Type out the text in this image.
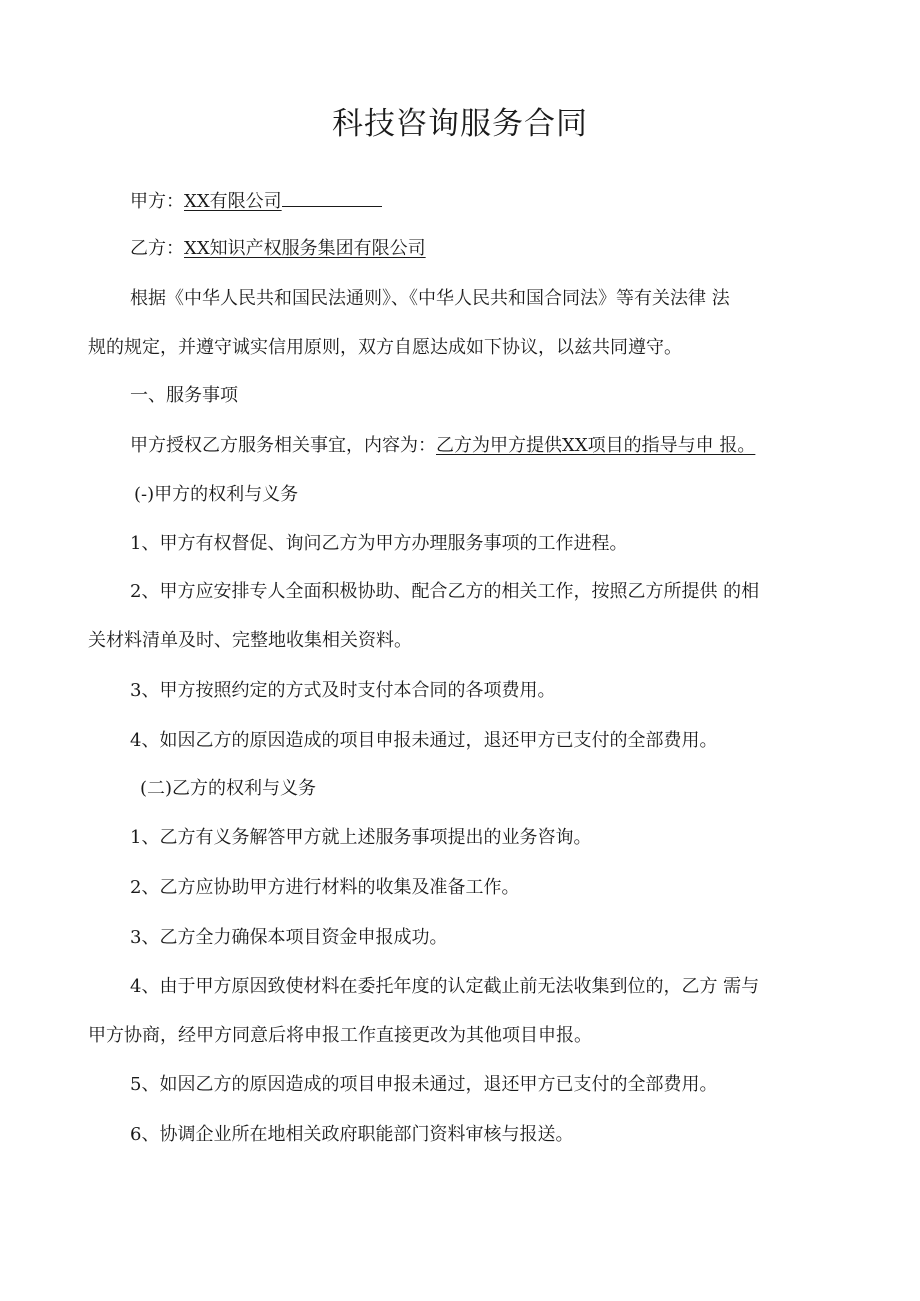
科技咨询服务合同
甲方：XX有限公司
乙方：XX知识产权服务集团有限公司
根据《中华人民共和国民法通则》、《中华人民共和国合同法》等有关法律 法
规的规定，并遵守诚实信用原则，双方自愿达成如下协议，以兹共同遵守。
一、服务事项
甲方授权乙方服务相关事宜，内容为：乙方为甲方提供XX项目的指导与申 报。
(-)甲方的权利与义务
1、甲方有权督促、询问乙方为甲方办理服务事项的工作进程。
2、甲方应安排专人全面积极协助、配合乙方的相关工作，按照乙方所提供 的相
关材料清单及时、完整地收集相关资料。
3、甲方按照约定的方式及时支付本合同的各项费用。
4、如因乙方的原因造成的项目申报未通过，退还甲方已支付的全部费用。
(二)乙方的权利与义务
1、乙方有义务解答甲方就上述服务事项提出的业务咨询。
2、乙方应协助甲方进行材料的收集及准备工作。
3、乙方全力确保本项目资金申报成功。
4、由于甲方原因致使材料在委托年度的认定截止前无法收集到位的，乙方 需与
甲方协商，经甲方同意后将申报工作直接更改为其他项目申报。
5、如因乙方的原因造成的项目申报未通过，退还甲方已支付的全部费用。
6、协调企业所在地相关政府职能部门资料审核与报送。
